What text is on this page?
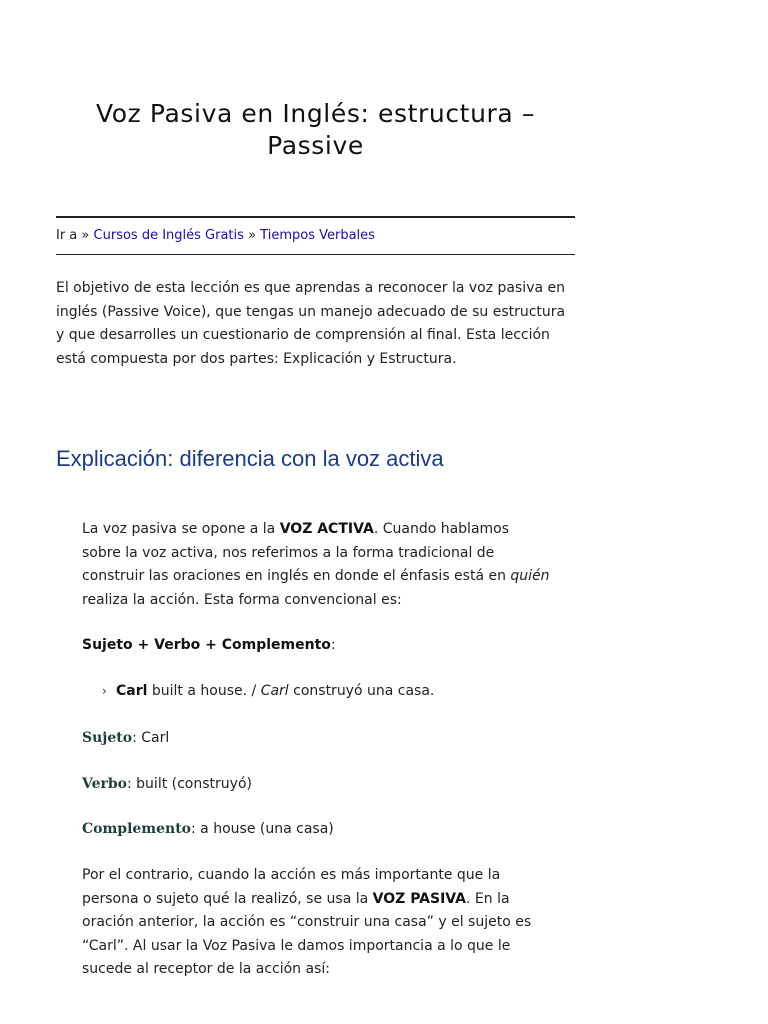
Voz Pasiva en Inglés: estructura – Passive
Ir a » Cursos de Inglés Gratis » Tiempos Verbales

El objetivo de esta lección es que aprendas a reconocer la voz pasiva en inglés (Passive Voice), que tengas un manejo adecuado de su estructura y que desarrolles un cuestionario de comprensión al final. Esta lección está compuesta por dos partes: Explicación y Estructura.

Explicación: diferencia con la voz activa

La voz pasiva se opone a la VOZ ACTIVA. Cuando hablamos sobre la voz activa, nos referimos a la forma tradicional de construir las oraciones en inglés en donde el énfasis está en quién realiza la acción. Esta forma convencional es:

Sujeto + Verbo + Complemento:

› Carl built a house. / Carl construyó una casa.

Sujeto: Carl

Verbo: built (construyó)

Complemento: a house (una casa)

Por el contrario, cuando la acción es más importante que la persona o sujeto qué la realizó, se usa la VOZ PASIVA. En la oración anterior, la acción es “construir una casa” y el sujeto es “Carl”. Al usar la Voz Pasiva le damos importancia a lo que le sucede al receptor de la acción así:
